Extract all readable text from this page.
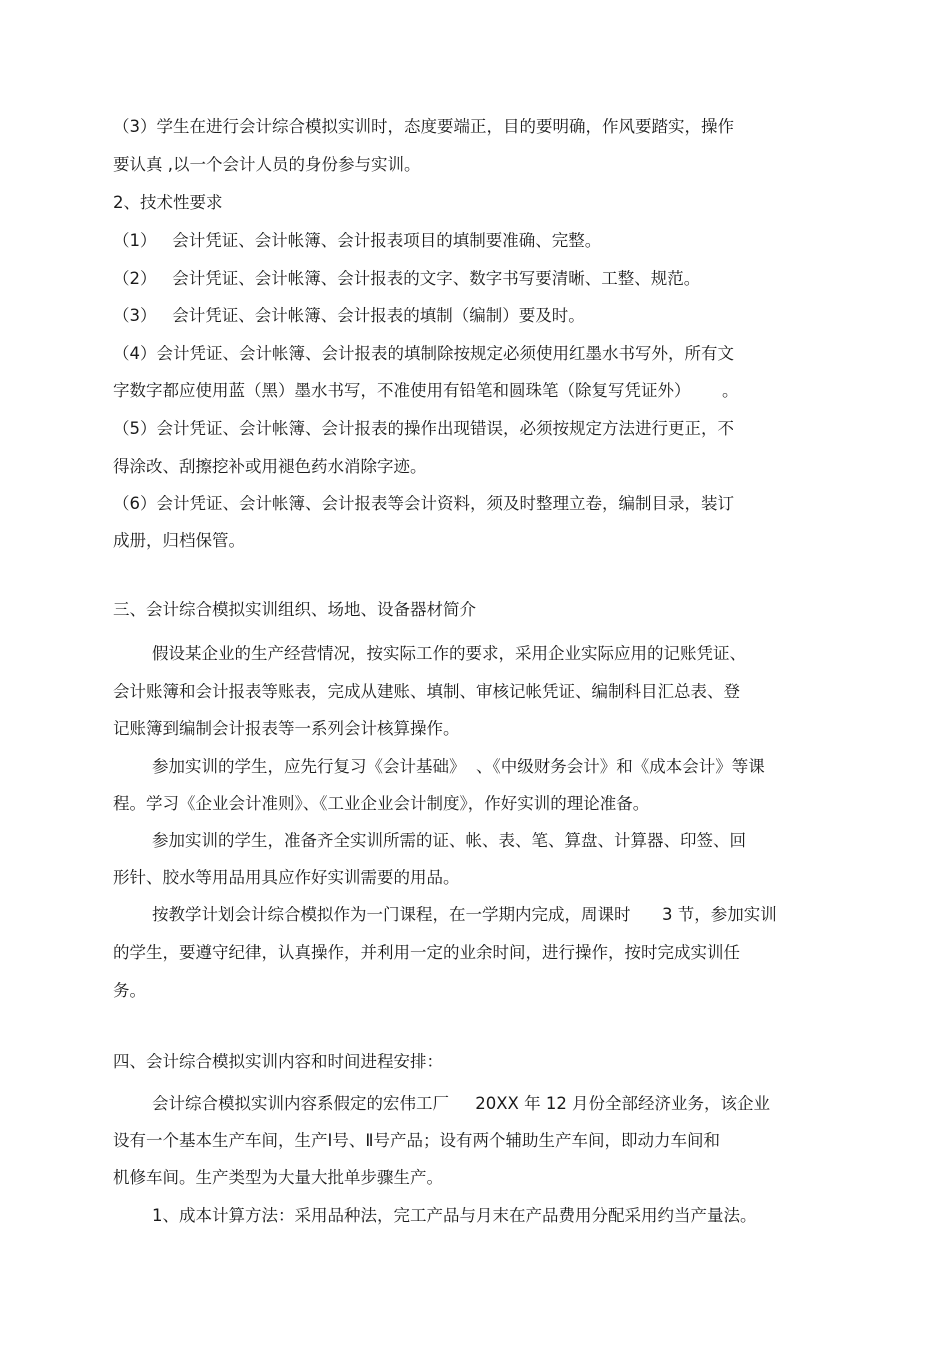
（3）学生在进行会计综合模拟实训时，态度要端正，目的要明确，作风要踏实，操作
要认真 ,以一个会计人员的身份参与实训。
2、技术性要求
（1）   会计凭证、会计帐簿、会计报表项目的填制要准确、完整。
（2）   会计凭证、会计帐簿、会计报表的文字、数字书写要清晰、工整、规范。
（3）   会计凭证、会计帐簿、会计报表的填制（编制）要及时。
（4）会计凭证、会计帐簿、会计报表的填制除按规定必须使用红墨水书写外，所有文
字数字都应使用蓝（黑）墨水书写，不准使用有铅笔和圆珠笔（除复写凭证外）      。
（5）会计凭证、会计帐簿、会计报表的操作出现错误，必须按规定方法进行更正，不
得涂改、刮擦挖补或用褪色药水消除字迹。
（6）会计凭证、会计帐簿、会计报表等会计资料，须及时整理立卷，编制目录，装订
成册，归档保管。
三、会计综合模拟实训组织、场地、设备器材简介
假设某企业的生产经营情况，按实际工作的要求，采用企业实际应用的记账凭证、
会计账簿和会计报表等账表，完成从建账、填制、审核记帐凭证、编制科目汇总表、登
记账簿到编制会计报表等一系列会计核算操作。
参加实训的学生，应先行复习《会计基础》  、《中级财务会计》和《成本会计》等课
程。学习《企业会计准则》、《工业企业会计制度》，作好实训的理论准备。
参加实训的学生，准备齐全实训所需的证、帐、表、笔、算盘、计算器、印签、回
形针、胶水等用品用具应作好实训需要的用品。
按教学计划会计综合模拟作为一门课程，在一学期内完成，周课时      3 节，参加实训
的学生，要遵守纪律，认真操作，并利用一定的业余时间，进行操作，按时完成实训任
务。
四、会计综合模拟实训内容和时间进程安排：
会计综合模拟实训内容系假定的宏伟工厂     20XX 年 12 月份全部经济业务，该企业
设有一个基本生产车间，生产Ⅰ号、Ⅱ号产品；设有两个辅助生产车间，即动力车间和
机修车间。生产类型为大量大批单步骤生产。
1、成本计算方法：采用品种法，完工产品与月末在产品费用分配采用约当产量法。
